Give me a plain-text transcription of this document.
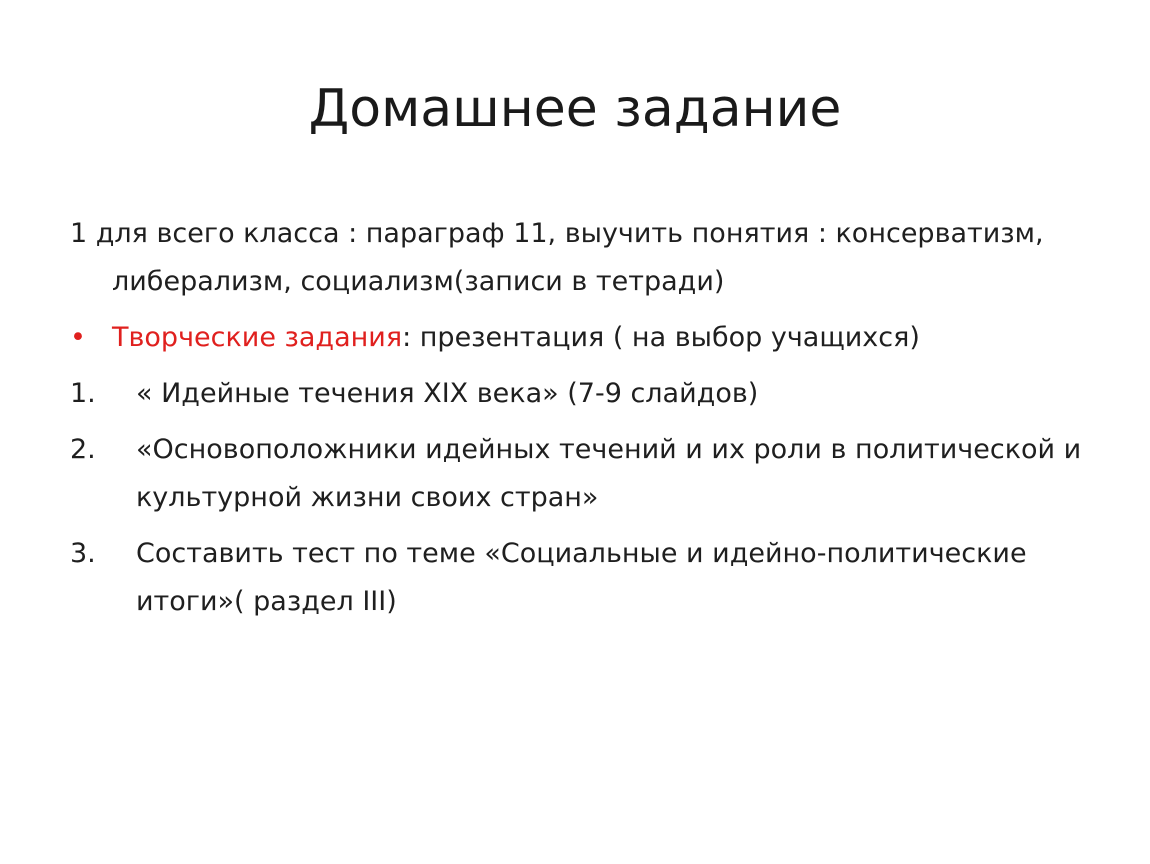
Домашнее задание

1 для всего класса : параграф 11, выучить понятия : консерватизм, либерализм, социализм(записи в тетради)

• Творческие задания: презентация ( на выбор учащихся)

1. « Идейные течения XIX века» (7-9 слайдов)

2. «Основоположники идейных течений и их роли в политической и культурной жизни своих стран»

3. Составить тест по теме «Социальные и идейно-политические итоги»( раздел III)
